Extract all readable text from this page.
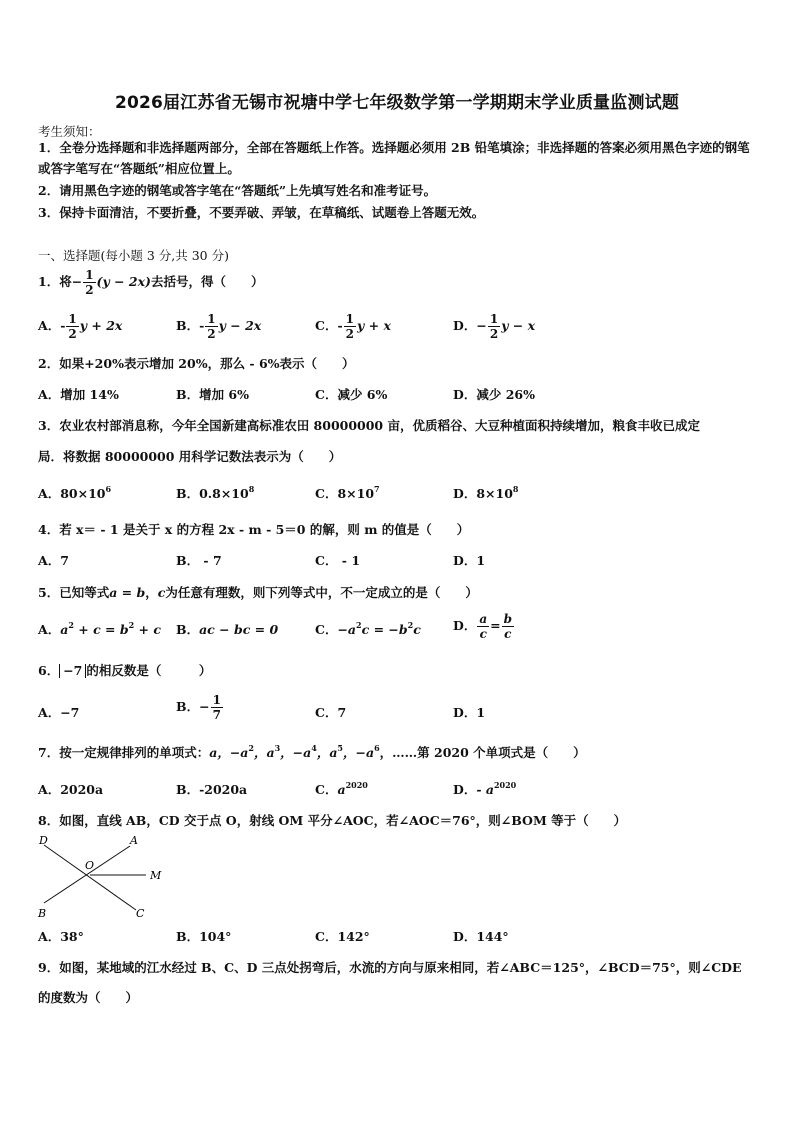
2026届江苏省无锡市祝塘中学七年级数学第一学期期末学业质量监测试题
考生须知：
1．全卷分选择题和非选择题两部分，全部在答题纸上作答。选择题必须用 2B 铅笔填涂；非选择题的答案必须用黑色字迹的钢笔或答字笔写在“答题纸”相应位置上。
2．请用黑色字迹的钢笔或答字笔在“答题纸”上先填写姓名和准考证号。
3．保持卡面清洁，不要折叠，不要弄破、弄皱，在草稿纸、试题卷上答题无效。
一、选择题(每小题 3 分,共 30 分)
1．将− $\frac{1}{2} (y - 2x)$去括号，得（　　）
A．- $\frac{1}{2}$ y + 2x	B．- $\frac{1}{2}$ y − 2x	C．- $\frac{1}{2}$ y + x	D．− $\frac{1}{2}$ y − x
2．如果+20%表示增加 20%，那么 - 6%表示（　　）
A．增加 14%	B．增加 6%	C．减少 6%	D．减少 26%
3．农业农村部消息称，今年全国新建高标准农田 80000000 亩，优质稻谷、大豆种植面积持续增加，粮食丰收已成定
局．将数据 80000000 用科学记数法表示为（　　）
A．$80\times 10^6$	B．$0.8\times 10^8$	C．$8\times 10^7$	D．$8\times 10^8$
4．若 x＝ - 1 是关于 x 的方程 2x - m - 5＝0 的解，则 m 的值是（　　）
A．7	B． - 7	C． - 1	D．1
5．已知等式a = b，c为任意有理数，则下列等式中，不一定成立的是（　　）
A．$a^2 + c = b^2 + c$ B．ac − bc = 0	C．$-a^2c = -b^2c$	D． $\frac{a}{c} = \frac{b}{c}$
6． −7 的相反数是（　　　）
A．−7	B．− $\frac{1}{7}$	C．7	D．1
7．按一定规律排列的单项式：a，$-a^2$，$a^3$，$-a^4$，$a^5$，$-a^6$，……第 2020 个单项式是（　　）
A．2020a	B．-2020a	C．$a^{2020}$	D．- $a^{2020}$
8．如图，直线 AB，CD 交于点 O，射线 OM 平分∠AOC，若∠AOC＝76°，则∠BOM 等于（　　）
D	A
O
M
B	C
A．38°	B．104°	C．142°	D．144°
9．如图，某地域的江水经过 B、C、D 三点处拐弯后，水流的方向与原来相同，若∠ABC＝125°，∠BCD＝75°，则∠CDE
的度数为（　　）
